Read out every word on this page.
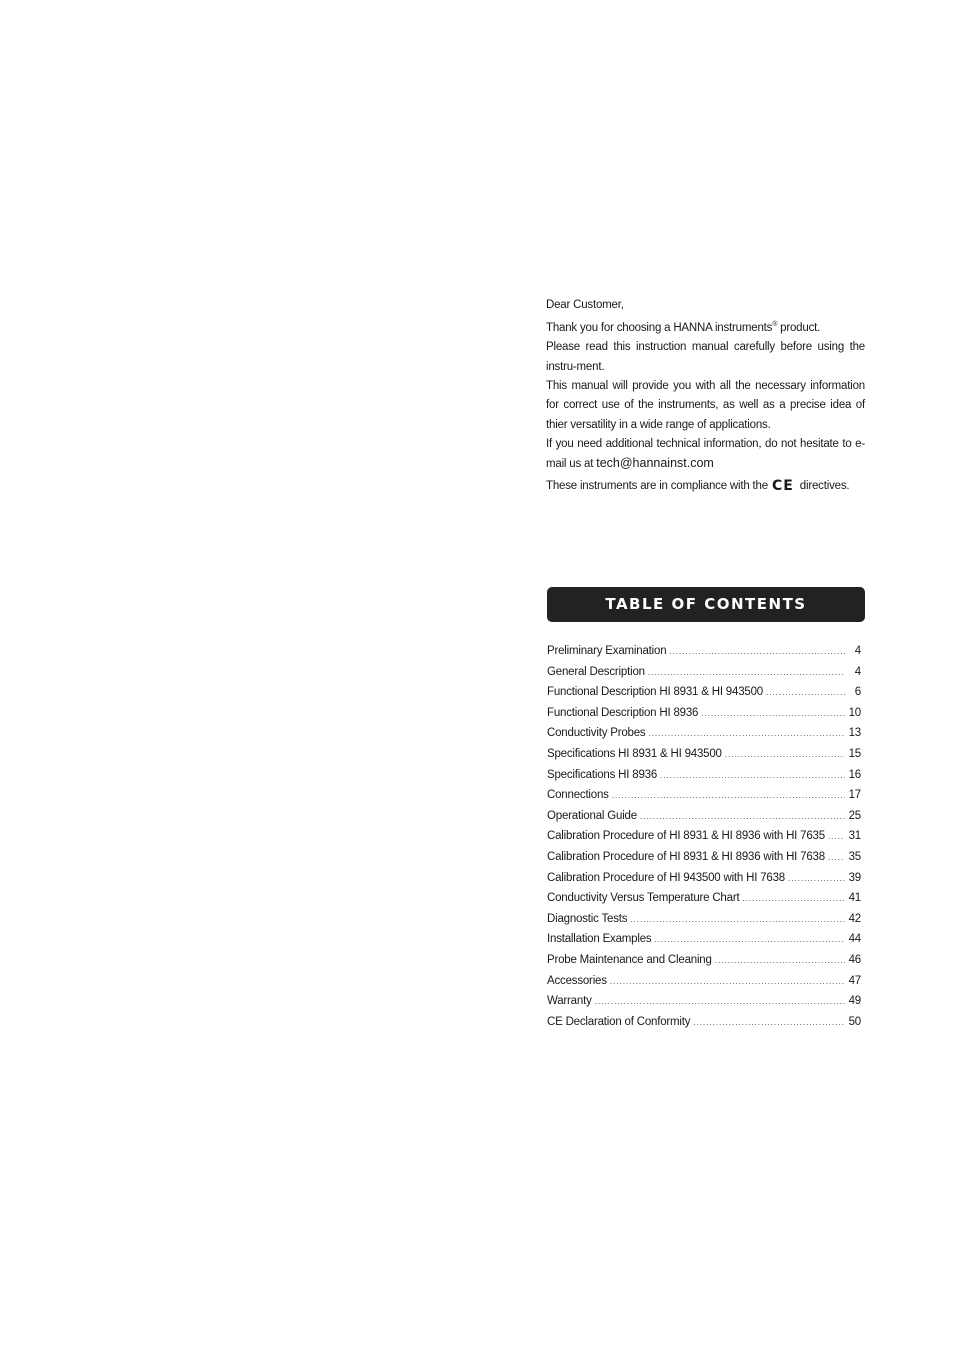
Dear Customer,

Thank you for choosing a HANNA instruments® product.

Please read this instruction manual carefully before using the instru-ment.

This manual will provide you with all the necessary information for correct use of the instruments, as well as a precise idea of thier versatility in a wide range of applications.

If you need additional technical information, do not hesitate to e-mail us at tech@hannainst.com

These instruments are in compliance with the CE directives.

TABLE OF CONTENTS
Preliminary Examination .....	4
General Description .....	4
Functional Description HI 8931 & HI 943500 .....	6
Functional Description HI 8936 .....	10
Conductivity Probes .....	13
Specifications HI 8931 & HI 943500 .....	15
Specifications HI 8936 .....	16
Connections .....	17
Operational Guide .....	25
Calibration Procedure of HI 8931 & HI 8936 with HI 7635 ..... 31
Calibration Procedure of HI 8931 & HI 8936 with HI 7638 ..... 35
Calibration Procedure of HI 943500 with HI 7638 .....	39
Conductivity Versus Temperature Chart .....	41
Diagnostic Tests .....	42
Installation Examples .....	44
Probe Maintenance and Cleaning .....	46
Accessories .....	47
Warranty .....	49
CE Declaration of Conformity .....	50
